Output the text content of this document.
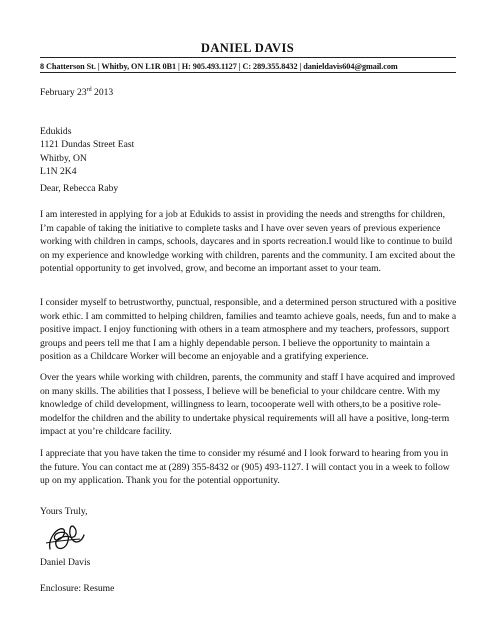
DANIEL DAVIS
8 Chatterson St. | Whitby, ON L1R 0B1 | H: 905.493.1127 | C: 289.355.8432 | danieldavis604@gmail.com
February 23rd 2013
Edukids
1121 Dundas Street East
Whitby, ON
L1N 2K4
Dear, Rebecca Raby
I am interested in applying for a job at Edukids to assist in providing the needs and strengths for children, I’m capable of taking the initiative to complete tasks and I have over seven years of previous experience working with children in camps, schools, daycares and in sports recreation.I would like to continue to build on my experience and knowledge working with children, parents and the community. I am excited about the potential opportunity to get involved, grow, and become an important asset to your team.
I consider myself to betrustworthy, punctual, responsible, and a determined person structured with a positive work ethic. I am committed to helping children, families and teamto achieve goals, needs, fun and to make a positive impact. I enjoy functioning with others in a team atmosphere and my teachers, professors, support groups and peers tell me that I am a highly dependable person. I believe the opportunity to maintain a position as a Childcare Worker will become an enjoyable and a gratifying experience.
Over the years while working with children, parents, the community and staff I have acquired and improved on many skills. The abilities that I possess, I believe will be beneficial to your childcare centre. With my knowledge of child development, willingness to learn, tocooperate well with others,to be a positive role-modelfor the children and the ability to undertake physical requirements will all have a positive, long-term impact at you’re childcare facility.
I appreciate that you have taken the time to consider my résumé and I look forward to hearing from you in the future. You can contact me at (289) 355-8432 or (905) 493-1127. I will contact you in a week to follow up on my application. Thank you for the potential opportunity.
Yours Truly,
Daniel Davis
Enclosure: Resume
